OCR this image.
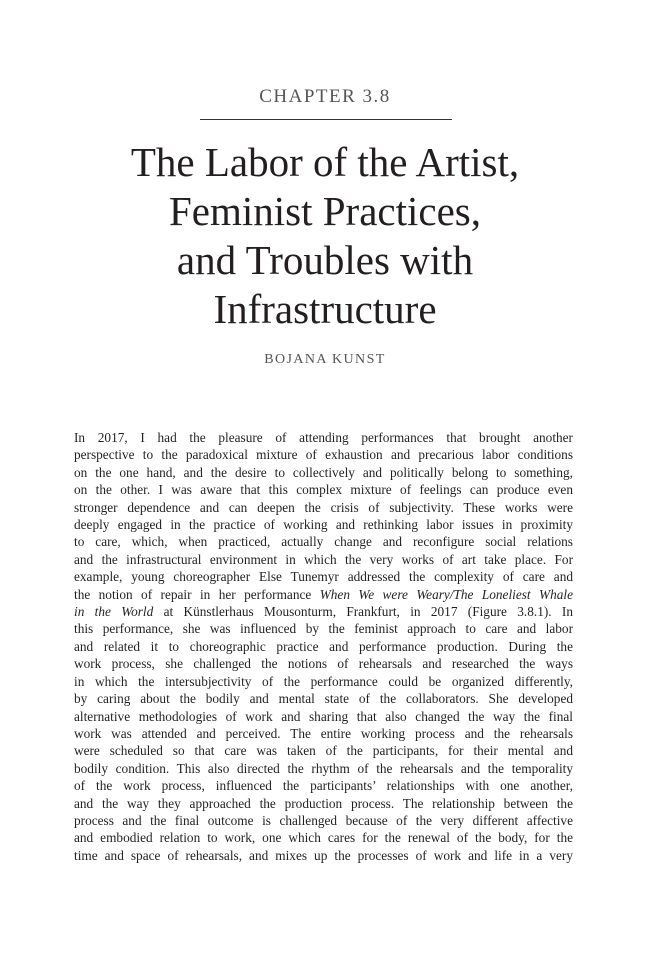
CHAPTER 3.8
The Labor of the Artist,
Feminist Practices,
and Troubles with
Infrastructure
BOJANA KUNST
In 2017, I had the pleasure of attending performances that brought another
perspective to the paradoxical mixture of exhaustion and precarious labor conditions
on the one hand, and the desire to collectively and politically belong to something,
on the other. I was aware that this complex mixture of feelings can produce even
stronger dependence and can deepen the crisis of subjectivity. These works were
deeply engaged in the practice of working and rethinking labor issues in proximity
to care, which, when practiced, actually change and reconfigure social relations
and the infrastructural environment in which the very works of art take place. For
example, young choreographer Else Tunemyr addressed the complexity of care and
the notion of repair in her performance When We were Weary/The Loneliest Whale
in the World at Künstlerhaus Mousonturm, Frankfurt, in 2017 (Figure 3.8.1). In
this performance, she was influenced by the feminist approach to care and labor
and related it to choreographic practice and performance production. During the
work process, she challenged the notions of rehearsals and researched the ways
in which the intersubjectivity of the performance could be organized differently,
by caring about the bodily and mental state of the collaborators. She developed
alternative methodologies of work and sharing that also changed the way the final
work was attended and perceived. The entire working process and the rehearsals
were scheduled so that care was taken of the participants, for their mental and
bodily condition. This also directed the rhythm of the rehearsals and the temporality
of the work process, influenced the participants’ relationships with one another,
and the way they approached the production process. The relationship between the
process and the final outcome is challenged because of the very different affective
and embodied relation to work, one which cares for the renewal of the body, for the
time and space of rehearsals, and mixes up the processes of work and life in a very
